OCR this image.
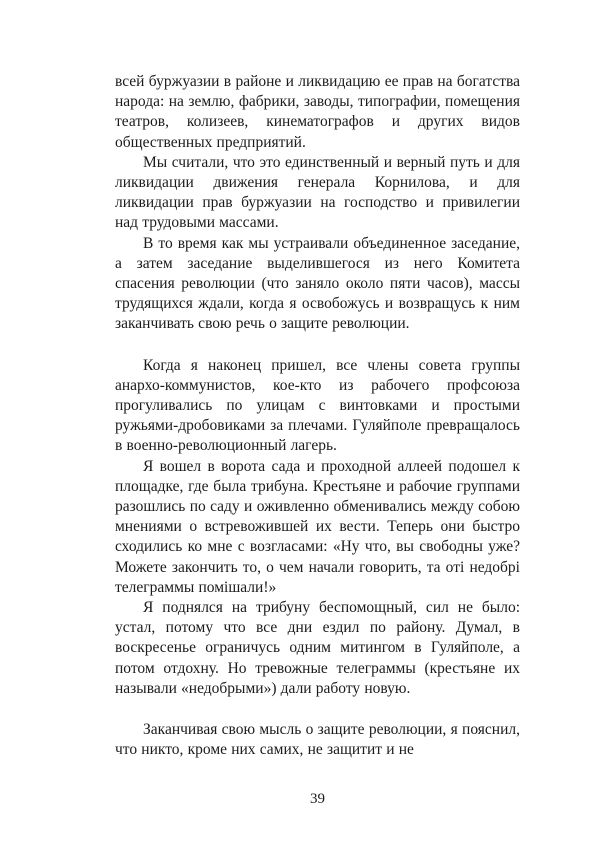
всей буржуазии в районе и ликвидацию ее прав на богатства народа: на землю, фабрики, заводы, типографии, помещения театров, колизеев, кинематографов и других видов общественных предприятий.

Мы считали, что это единственный и верный путь и для ликвидации движения генерала Корнилова, и для ликвидации прав буржуазии на господство и привилегии над трудовыми массами.

В то время как мы устраивали объединенное заседание, а затем заседание выделившегося из него Комитета спасения революции (что заняло около пяти часов), массы трудящихся ждали, когда я освобожусь и возвращусь к ним заканчивать свою речь о защите революции.

Когда я наконец пришел, все члены совета группы анархо-коммунистов, кое-кто из рабочего профсоюза прогуливались по улицам с винтовками и простыми ружьями-дробовиками за плечами. Гуляйполе превращалось в военно-революционный лагерь.

Я вошел в ворота сада и проходной аллеей подошел к площадке, где была трибуна. Крестьяне и рабочие группами разошлись по саду и оживленно обменивались между собою мнениями о встревожившей их вести. Теперь они быстро сходились ко мне с возгласами: «Ну что, вы свободны уже? Можете закончить то, о чем начали говорить, та оті недобрі телеграммы помішали!»

Я поднялся на трибуну беспомощный, сил не было: устал, потому что все дни ездил по району. Думал, в воскресенье ограничусь одним митингом в Гуляйполе, а потом отдохну. Но тревожные телеграммы (крестьяне их называли «недобрыми») дали работу новую.

Заканчивая свою мысль о защите революции, я пояснил, что никто, кроме них самих, не защитит и не

39
